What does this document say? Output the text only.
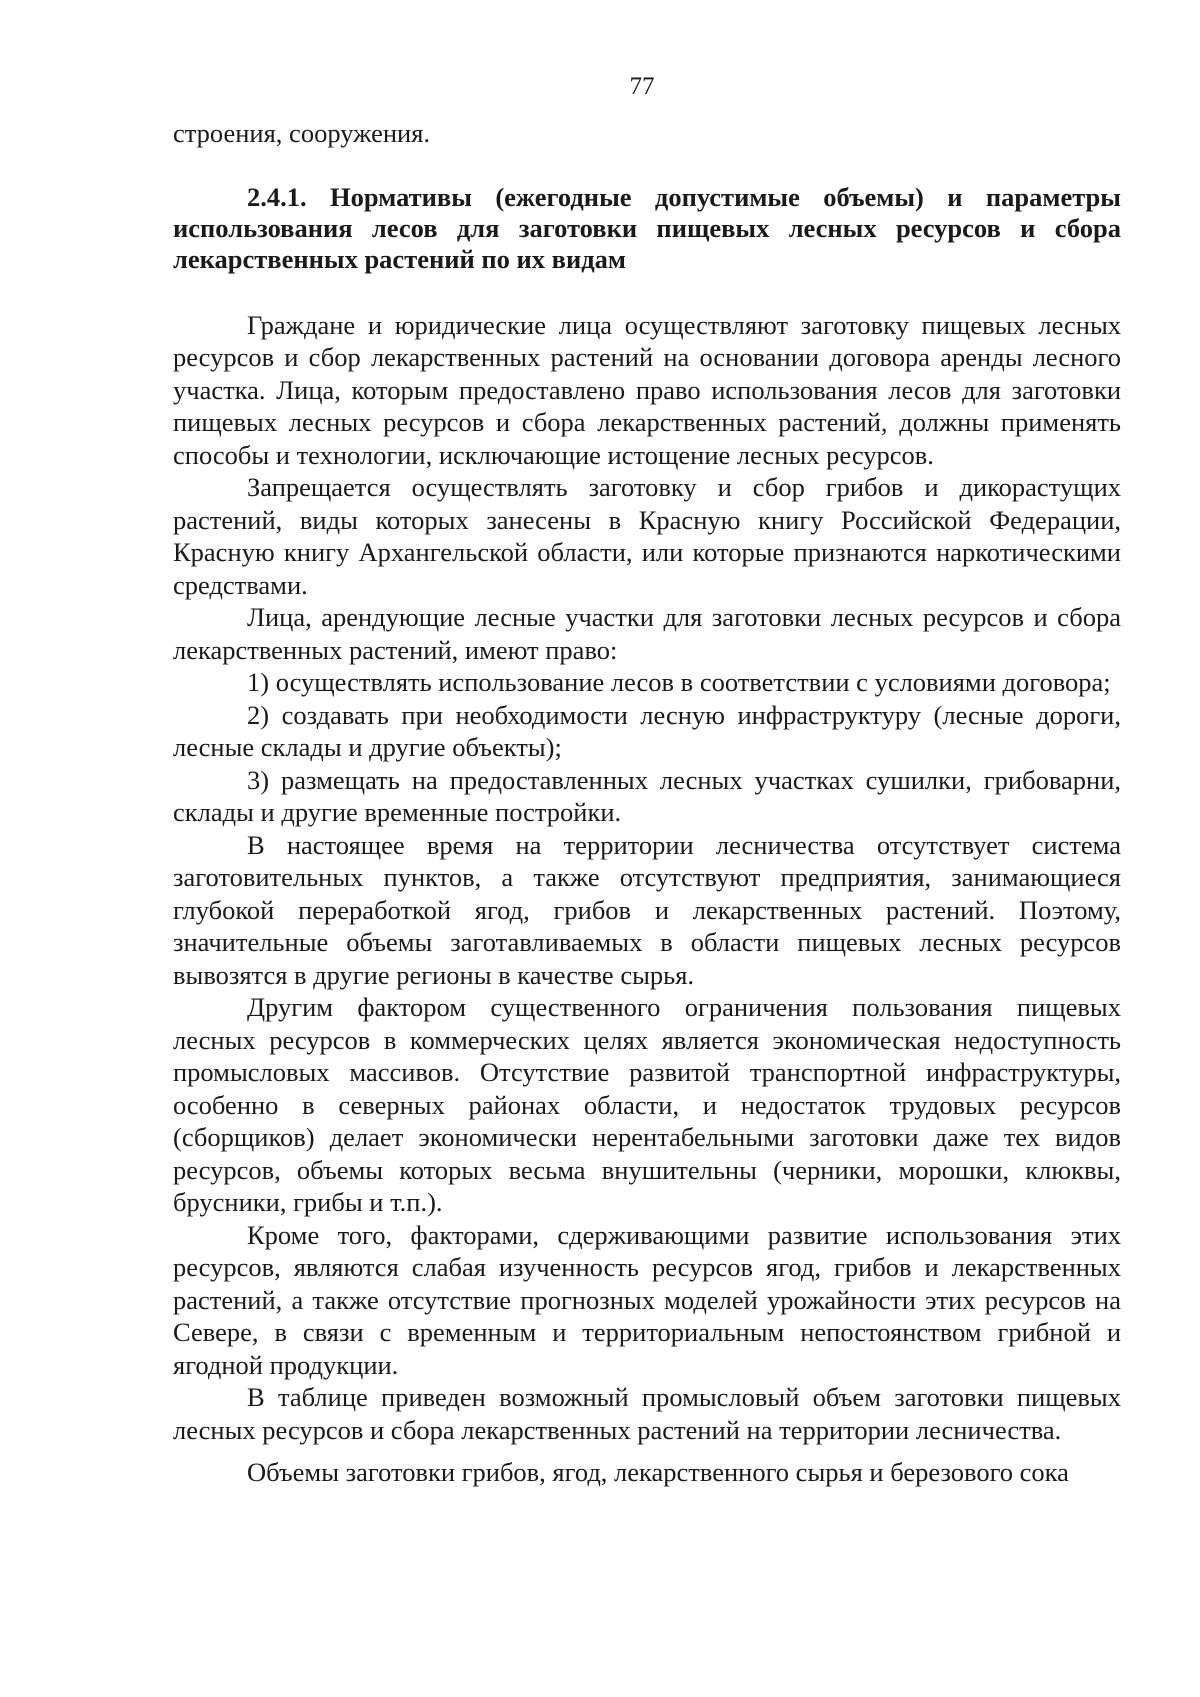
77

строения, сооружения.

2.4.1. Нормативы (ежегодные допустимые объемы) и параметры использования лесов для заготовки пищевых лесных ресурсов и сбора лекарственных растений по их видам

Граждане и юридические лица осуществляют заготовку пищевых лесных ресурсов и сбор лекарственных растений на основании договора аренды лесного участка. Лица, которым предоставлено право использования лесов для заготовки пищевых лесных ресурсов и сбора лекарственных растений, должны применять способы и технологии, исключающие истощение лесных ресурсов.

Запрещается осуществлять заготовку и сбор грибов и дикорастущих растений, виды которых занесены в Красную книгу Российской Федерации, Красную книгу Архангельской области, или которые признаются наркотическими средствами.

Лица, арендующие лесные участки для заготовки лесных ресурсов и сбора лекарственных растений, имеют право:

1) осуществлять использование лесов в соответствии с условиями договора;

2) создавать при необходимости лесную инфраструктуру (лесные дороги, лесные склады и другие объекты);

3) размещать на предоставленных лесных участках сушилки, грибоварни, склады и другие временные постройки.

В настоящее время на территории лесничества отсутствует система заготовительных пунктов, а также отсутствуют предприятия, занимающиеся глубокой переработкой ягод, грибов и лекарственных растений. Поэтому, значительные объемы заготавливаемых в области пищевых лесных ресурсов вывозятся в другие регионы в качестве сырья.

Другим фактором существенного ограничения пользования пищевых лесных ресурсов в коммерческих целях является экономическая недоступность промысловых массивов. Отсутствие развитой транспортной инфраструктуры, особенно в северных районах области, и недостаток трудовых ресурсов (сборщиков) делает экономически нерентабельными заготовки даже тех видов ресурсов, объемы которых весьма внушительны (черники, морошки, клюквы, брусники, грибы и т.п.).

Кроме того, факторами, сдерживающими развитие использования этих ресурсов, являются слабая изученность ресурсов ягод, грибов и лекарственных растений, а также отсутствие прогнозных моделей урожайности этих ресурсов на Севере, в связи с временным и территориальным непостоянством грибной и ягодной продукции.

В таблице приведен возможный промысловый объем заготовки пищевых лесных ресурсов и сбора лекарственных растений на территории лесничества.

Объемы заготовки грибов, ягод, лекарственного сырья и березового сока
